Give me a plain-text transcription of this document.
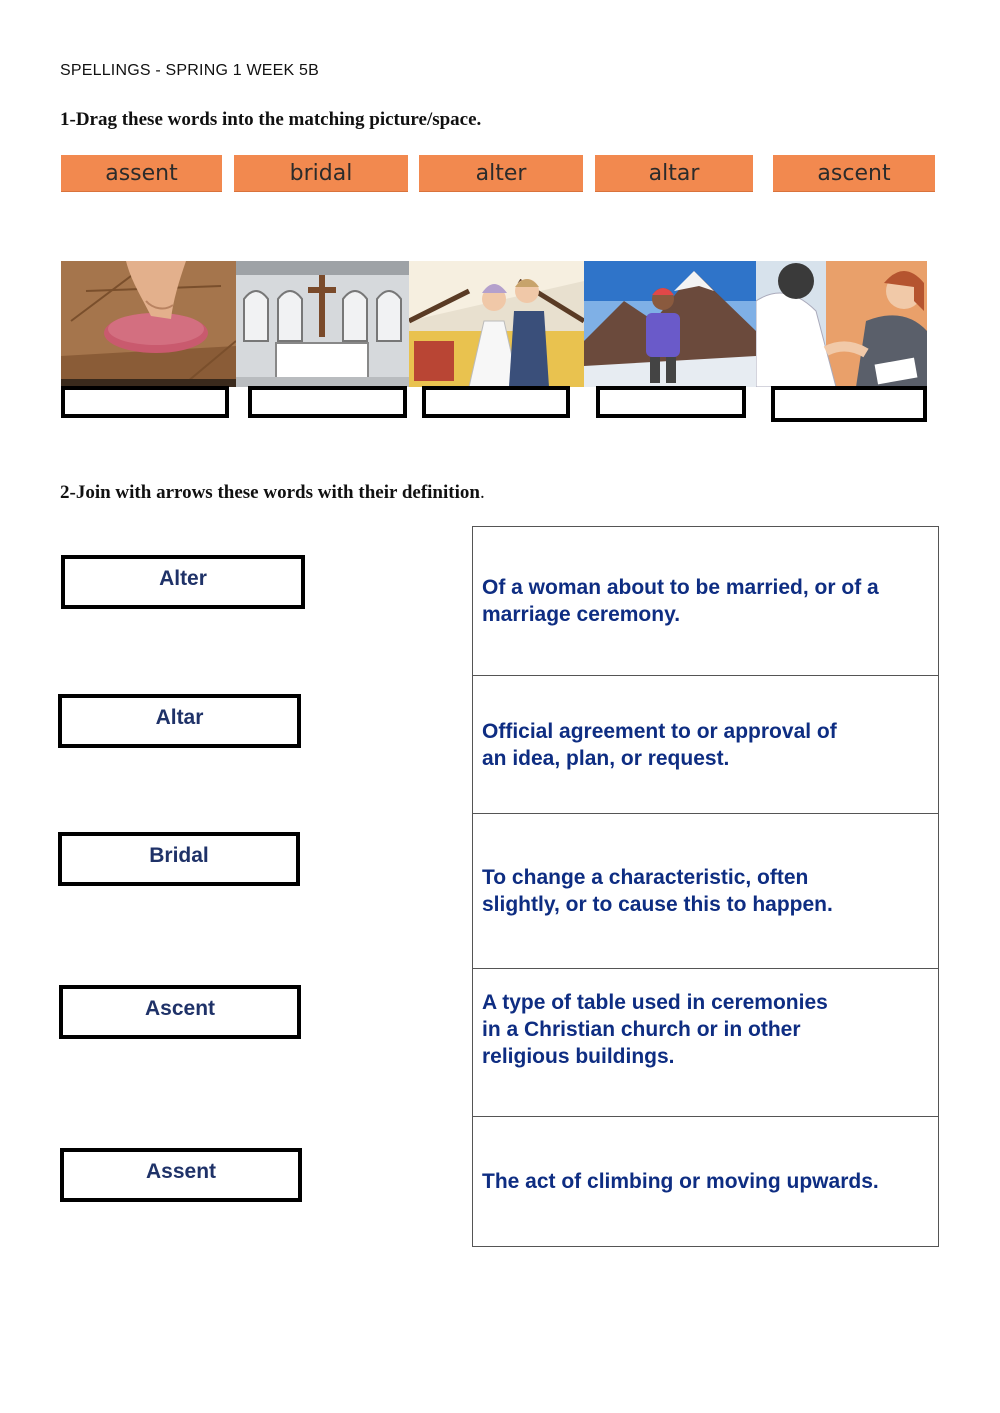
SPELLINGS - SPRING 1 WEEK 5B
1-Drag these words into the matching picture/space.
assent	bridal	alter	altar	ascent
2-Join with arrows these words with their definition.
Alter
Altar
Bridal
Ascent
Assent
Of a woman about to be married, or of a
marriage ceremony.
Official agreement to or approval of
an idea, plan, or request.
To change a characteristic, often
slightly, or to cause this to happen.
A type of table used in ceremonies
in a Christian church or in other
religious buildings.
The act of climbing or moving upwards.
